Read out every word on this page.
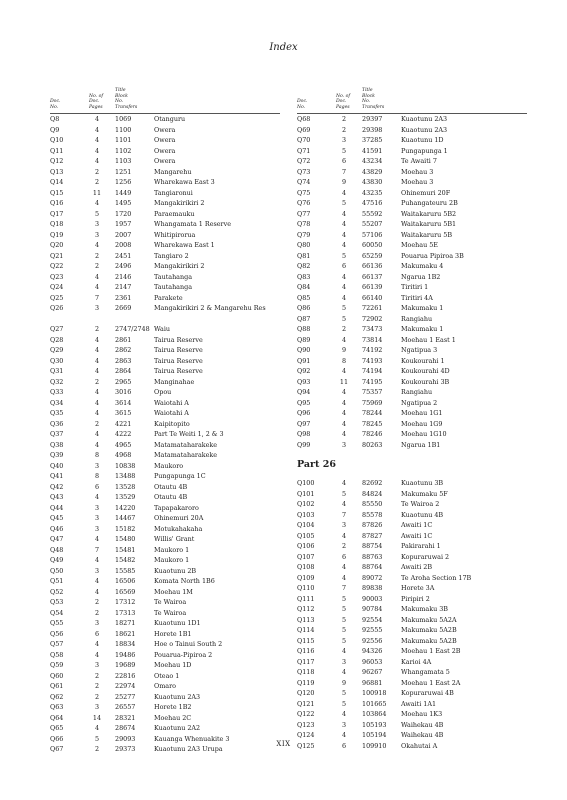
Index
Doc.
No.
No. of
Doc.
Pages
Title
Block
No.
Transfers
Q8	4	1069	Otanguru
Q9	4	1100	Owera
Q10	4	1101	Owera
Q11	4	1102	Owera
Q12	4	1103	Owera
Q13	2	1251	Mangarehu
Q14	2	1256	Wharekawa East 3
Q15	11	1449	Tangiaronui
Q16	4	1495	Mangakirikiri 2
Q17	5	1720	Paraemauku
Q18	3	1957	Whangamata 1 Reserve
Q19	3	2007	Whitipirorua
Q20	4	2008	Wharekawa East 1
Q21	2	2451	Tangiaro 2
Q22	2	2496	Mangakirikiri 2
Q23	4	2146	Tautahanga
Q24	4	2147	Tautahanga
Q25	7	2361	Parakete
Q26	3	2669	Mangakirikiri 2 & Mangarehu Res
Q27	2	2747/2748 Waiu
Q28	4	2861	Tairua Reserve
Q29	4	2862	Tairua Reserve
Q30	4	2863	Tairua Reserve
Q31	4	2864	Tairua Reserve
Q32	2	2965	Manginahae
Q33	4	3016	Opou
Q34	4	3614	Waiotahi A
Q35	4	3615	Waiotahi A
Q36	2	4221	Kaipitopito
Q37	4	4222	Part Te Weiti 1, 2 & 3
Q38	4	4965	Matamataharakeke
Q39	8	4968	Matamataharakeke
Q40	3	10838	Maukoro
Q41	8	13488	Pungapunga 1C
Q42	6	13528	Otautu 4B
Q43	4	13529	Otautu 4B
Q44	3	14220	Tapapakaroro
Q45	3	14467	Ohinemuri 20A
Q46	3	15182	Motukahakaha
Q47	4	15480	Willis' Grant
Q48	7	15481	Maukoro 1
Q49	4	15482	Maukoro 1
Q50	3	15585	Kuaotunu 2B
Q51	4	16506	Komata North 1B6
Q52	4	16569	Moehau 1M
Q53	2	17312	Te Wairoa
Q54	2	17313	Te Wairoa
Q55	3	18271	Kuaotunu 1D1
Q56	6	18621	Horete 1B1
Q57	4	18834	Hoe o Tainui South 2
Q58	4	19486	Pouarua-Pipiroa 2
Q59	3	19689	Moehau 1D
Q60	2	22816	Oteao 1
Q61	2	22974	Omaro
Q62	2	25277	Kuaotunu 2A3
Q63	3	26557	Horete 1B2
Q64	14	28321	Moehau 2C
Q65	4	28674	Kuaotunu 2A2
Q66	5	29093	Kauanga Whenuakite 3
Q67	2	29373	Kuaotunu 2A3 Urupa
Doc.
No.
No. of
Doc.
Pages
Title
Block
No.
Transfers
Q68	2	29397	Kuaotunu 2A3
Q69	2	29398	Kuaotunu 2A3
Q70	3	37285	Kuaotunu 1D
Q71	5	41591	Pungapunga 1
Q72	6	43234	Te Awaiti 7
Q73	7	43829	Moehau 3
Q74	9	43830	Moehau 3
Q75	4	43235	Ohinemuri 20F
Q76	5	47516	Puhangateuru 2B
Q77	4	55592	Waitakaruru 5B2
Q78	4	55207	Waitakaruru 5B1
Q79	4	57106	Waitakaruru 5B
Q80	4	60050	Moehau 5E
Q81	5	65259	Pouarua Pipiroa 3B
Q82	6	66136	Makumaku 4
Q83	4	66137	Ngarua 1B2
Q84	4	66139	Tiritiri 1
Q85	4	66140	Tiritiri 4A
Q86	5	72261	Makumaku 1
Q87	5	72902	Rangiahu
Q88	2	73473	Makumaku 1
Q89	4	73814	Moehau 1 East 1
Q90	9	74192	Ngatipua 3
Q91	8	74193	Koukourahi 1
Q92	4	74194	Koukourahi 4D
Q93	11	74195	Koukourahi 3B
Q94	4	75357	Rangiahu
Q95	4	75969	Ngatipua 2
Q96	4	78244	Moehau 1G1
Q97	4	78245	Moehau 1G9
Q98	4	78246	Moehau 1G10
Q99	3	80263	Ngarua 1B1
Part 26
Q100	4	82692	Kuaotunu 3B
Q101	5	84824	Makumaku 5F
Q102	4	85550	Te Wairoa 2
Q103	7	85578	Kuaotunu 4B
Q104	3	87826	Awaiti 1C
Q105	4	87827	Awaiti 1C
Q106	2	88754	Pakirarahi 1
Q107	6	88763	Kopuraruwai 2
Q108	4	88764	Awaiti 2B
Q109	4	89072	Te Aroha Section 17B
Q110	7	89838	Horete 3A
Q111	5	90003	Piripiri 2
Q112	5	90784	Makumaku 3B
Q113	5	92554	Makumaku 5A2A
Q114	5	92555	Makumaku 5A2B
Q115	5	92556	Makumaku 5A2B
Q116	4	94326	Moehau 1 East 2B
Q117	3	96053	Karioi 4A
Q118	4	96267	Whangamata 5
Q119	9	96881	Moehau 1 East 2A
Q120	5	100918 Kopuraruwai 4B
Q121	5	101665 Awaiti 1A1
Q122	4	103864 Moehau 1K3
Q123	3	105193 Waihekau 4B
Q124	4	105194 Waihekau 4B
Q125	6	109910 Okahutai A
XIX
